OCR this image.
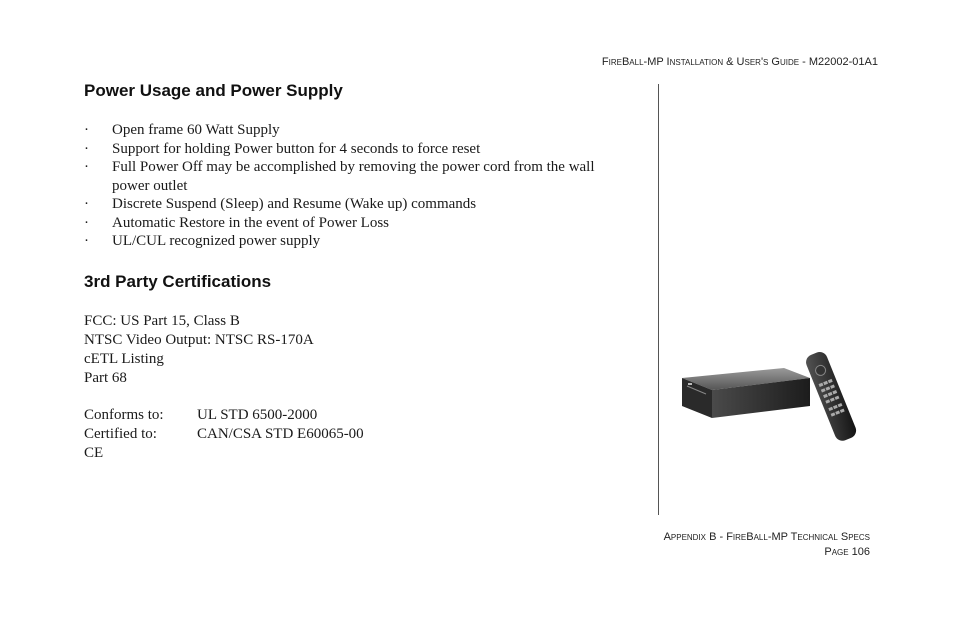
FireBall-MP Installation & User's Guide - M22002-01A1
Power Usage and Power Supply
·	Open frame 60 Watt Supply
·	Support for holding Power button for 4 seconds to force reset
·	Full Power Off may be accomplished by removing the power cord from the wall power outlet
·	Discrete Suspend (Sleep) and Resume (Wake up) commands
·	Automatic Restore in the event of Power Loss
·	UL/CUL recognized power supply
3rd Party Certifications
FCC: US Part 15, Class B
NTSC Video Output: NTSC RS-170A
cETL Listing
Part 68
Conforms to: UL STD 6500-2000
Certified to:	CAN/CSA STD E60065-00
CE
Appendix B - FireBall-MP Technical Specs
Page 106
